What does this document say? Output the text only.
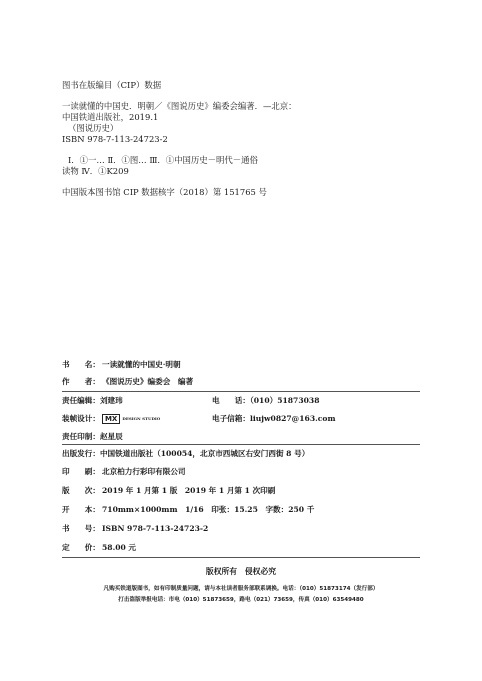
图书在版编目（CIP）数据
一读就懂的中国史．明朝／《图说历史》编委会编著．—北京：
中国铁道出版社，2019.1
（图说历史）
ISBN 978-7-113-24723-2
Ⅰ．①一… Ⅱ．①图… Ⅲ．①中国历史－明代－通俗
读物 Ⅳ．①K209
中国版本图书馆 CIP 数据核字（2018）第 151765 号
书　　名： 一读就懂的中国史·明朝
作　　者： 《图说历史》编委会　编著
责任编辑：刘建玮	电　　话：（010）51873038
装帧设计： MX DESIGN STUDIO	电子信箱：liujw0827@163.com
责任印制：赵星辰
出版发行：中国铁道出版社（100054，北京市西城区右安门西街 8 号）
印　　刷： 北京柏力行彩印有限公司
版　　次： 2019 年 1 月第 1 版　2019 年 1 月第 1 次印刷
开　　本： 710mm×1000mm　1/16　印张：15.25　字数：250 千
书　　号： ISBN 978-7-113-24723-2
定　　价： 58.00 元
版权所有　侵权必究
凡购买铁道版图书，如有印制质量问题，请与本社读者服务部联系调换。电话：（010）51873174（发行部）
打击盗版举报电话：市电（010）51873659，路电（021）73659，传真（010）63549480
